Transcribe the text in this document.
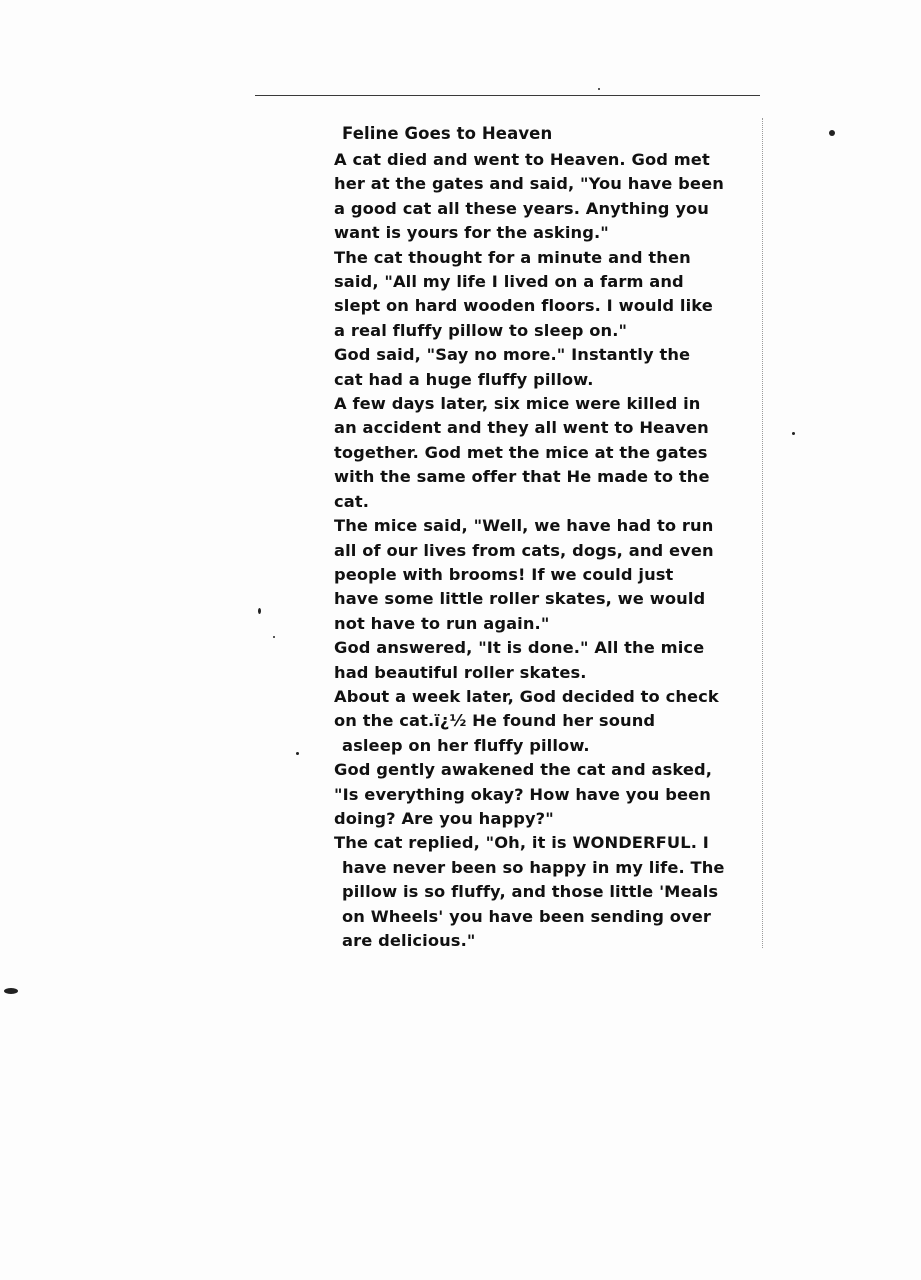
Feline Goes to Heaven

A cat died and went to Heaven. God met

her at the gates and said, "You have been

a good cat all these years. Anything you

want is yours for the asking."

The cat thought for a minute and then

said, "All my life I lived on a farm and

slept on hard wooden floors. I would like

a real fluffy pillow to sleep on."

God said, "Say no more." Instantly the

cat had a huge fluffy pillow.

A few days later, six mice were killed in

an accident and they all went to Heaven

together. God met the mice at the gates

with the same offer that He made to the

cat.

The mice said, "Well, we have had to run

all of our lives from cats, dogs, and even

people with brooms! If we could just

have some little roller skates, we would

not have to run again."

God answered, "It is done." All the mice

had beautiful roller skates.

About a week later, God decided to check

on the cat.ï¿½ He found her sound

asleep on her fluffy pillow.

God gently awakened the cat and asked,

"Is everything okay? How have you been

doing? Are you happy?"

The cat replied, "Oh, it is WONDERFUL. I

have never been so happy in my life. The

pillow is so fluffy, and those little 'Meals

on Wheels' you have been sending over

are delicious."
